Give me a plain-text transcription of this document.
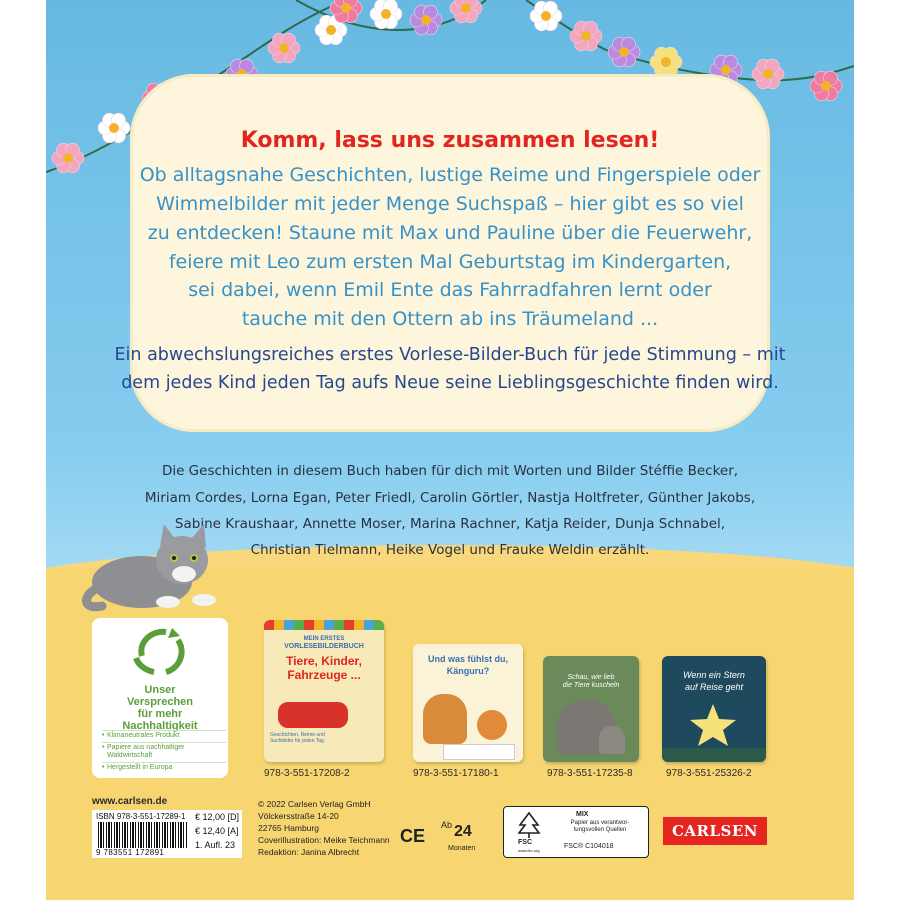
Komm, lass uns zusammen lesen!
Ob alltagsnahe Geschichten, lustige Reime und Fingerspiele oder
Wimmelbilder mit jeder Menge Suchspaß – hier gibt es so viel
zu entdecken! Staune mit Max und Pauline über die Feuerwehr,
feiere mit Leo zum ersten Mal Geburtstag im Kindergarten,
sei dabei, wenn Emil Ente das Fahrradfahren lernt oder
tauche mit den Ottern ab ins Träumeland ...
Ein abwechslungsreiches erstes Vorlese-Bilder-Buch für jede Stimmung – mit
dem jedes Kind jeden Tag aufs Neue seine Lieblingsgeschichte finden wird.
Die Geschichten in diesem Buch haben für dich mit Worten und Bilder Stéffie Becker,
Miriam Cordes, Lorna Egan, Peter Friedl, Carolin Görtler, Nastja Holtfreter, Günther Jakobs,
Sabine Kraushaar, Annette Moser, Marina Rachner, Katja Reider, Dunja Schnabel,
Christian Tielmann, Heike Vogel und Frauke Weldin erzählt.
Unser
Versprechen
für mehr
Nachhaltigkeit
• Klimaneutrales Produkt
• Papiere aus nachhaltiger Waldwirtschaft
• Hergestellt in Europa
MEIN ERSTES
VORLESEBILDERBUCH
Tiere, Kinder,
Fahrzeuge ...
Geschichten, Reime und Suchbilder für jeden Tag
978-3-551-17208-2
Und was fühlst du,
Känguru?
978-3-551-17180-1
Schau, wie lieb
die Tiere kuscheln
978-3-551-17235-8
Wenn ein Stern
auf Reise geht
978-3-551-25326-2
www.carlsen.de
ISBN 978-3-551-17289-1
9 783551 172891
€ 12,00 [D]
€ 12,40 [A]
1. Aufl. 23
© 2022 Carlsen Verlag GmbH
Völckersstraße 14-20
22765 Hamburg
Coverillustration: Meike Teichmann
Redaktion: Janina Albrecht
CE
Ab 24
Monaten
FSC
www.fsc.org
MIX
Papier aus verantwor-
tungsvollen Quellen
FSC® C104018
CARLSEN
